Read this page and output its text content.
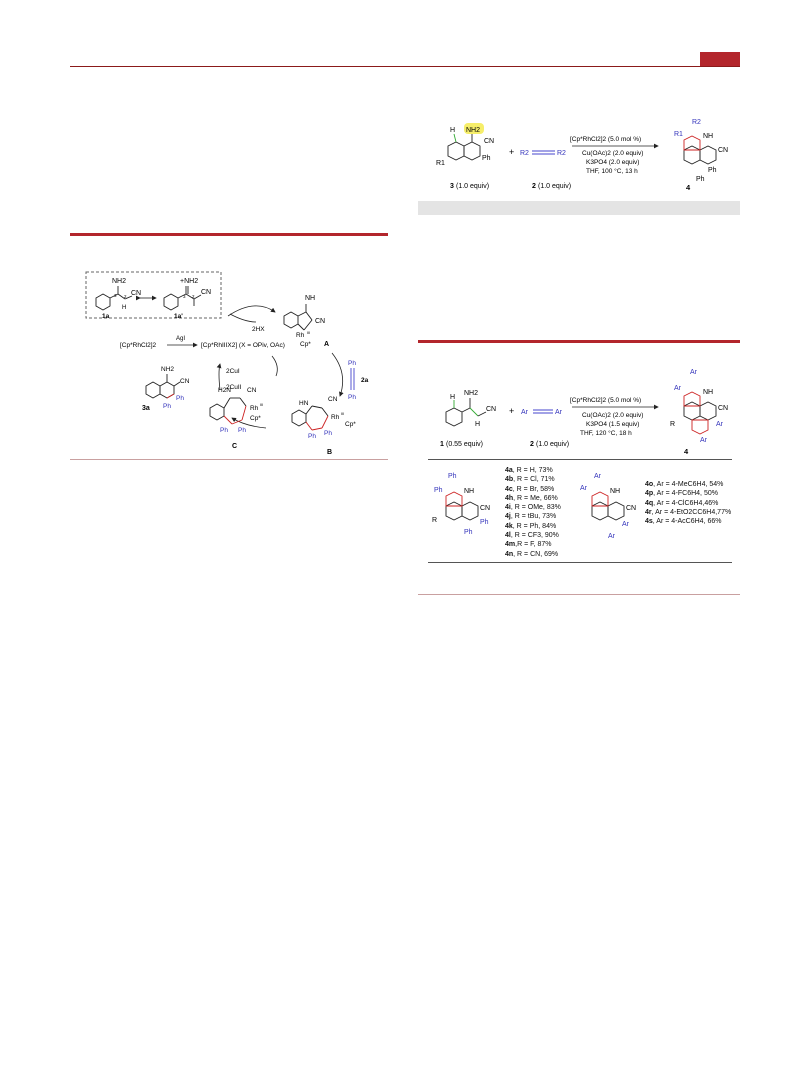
NH2
CN
H
3 2
1a
+NH2
CN
3 2
1a'
NH
CN
Rh III
Cp* A
2HX
[Cp*RhCl2]2
AgI
[Cp*RhIIIX2] (X = OPiv, OAc)
Ph
Ph
2a
HN
CN
Rh
III
Cp*
Ph Ph
B
H2N CN
Rh
III
Cp*
Ph Ph
C
NH2
CN
Ph
Ph
3a
2CuI
2CuII
NH2
H
CN
R1
Ph
3 (1.0 equiv)
+ R2	R2
2 (1.0 equiv)
[Cp*RhCl2]2 (5.0 mol %)
Cu(OAc)2 (2.0 equiv)
K3PO4 (2.0 equiv)
THF, 100 °C, 13 h
R2
R1	NH
CN
Ph
Ph
4
NH2
CN
H
H
1 (0.55 equiv)
+ Ar	Ar
2 (1.0 equiv)
[Cp*RhCl2]2 (5.0 mol %)
Cu(OAc)2 (2.0 equiv)
K3PO4 (1.5 equiv)
THF, 120 °C, 18 h
Ar
Ar
Ar
Ar
NH
CN
R
4
Ph
Ph
Ph
Ph
NH
CN
R
4a, R = H, 73%
4b, R = Cl, 71%
4c, R = Br, 58%
4h, R = Me, 66%
4i, R = OMe, 83%
4j, R = tBu, 73%
4k, R = Ph, 84%
4l, R = CF3, 90%
4m,R = F, 87%
4n, R = CN, 69%
Ar
Ar
Ar
Ar
NH
CN
4o, Ar = 4-MeC6H4, 54%
4p, Ar = 4-FC6H4, 50%
4q, Ar = 4-ClC6H4,46%
4r, Ar = 4-EtO2CC6H4,77%
4s, Ar = 4-AcC6H4, 66%
